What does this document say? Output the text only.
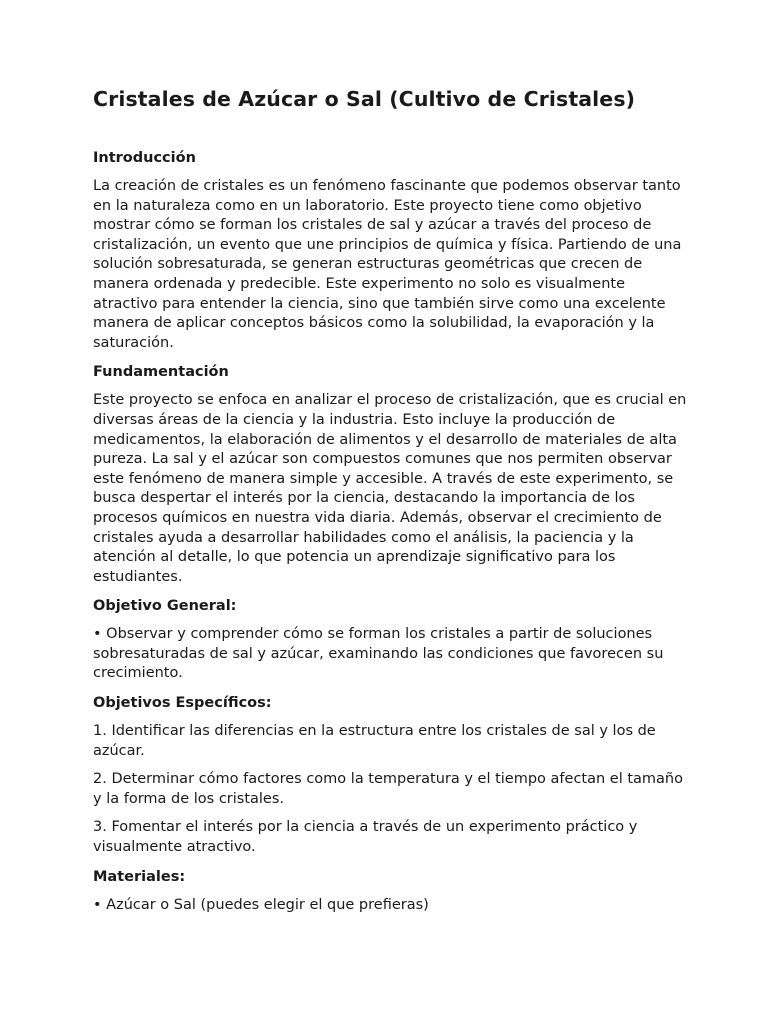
Cristales de Azúcar o Sal (Cultivo de Cristales)
Introducción

La creación de cristales es un fenómeno fascinante que podemos observar tanto en la naturaleza como en un laboratorio. Este proyecto tiene como objetivo mostrar cómo se forman los cristales de sal y azúcar a través del proceso de cristalización, un evento que une principios de química y física. Partiendo de una solución sobresaturada, se generan estructuras geométricas que crecen de manera ordenada y predecible. Este experimento no solo es visualmente atractivo para entender la ciencia, sino que también sirve como una excelente manera de aplicar conceptos básicos como la solubilidad, la evaporación y la saturación.

Fundamentación

Este proyecto se enfoca en analizar el proceso de cristalización, que es crucial en diversas áreas de la ciencia y la industria. Esto incluye la producción de medicamentos, la elaboración de alimentos y el desarrollo de materiales de alta pureza. La sal y el azúcar son compuestos comunes que nos permiten observar este fenómeno de manera simple y accesible. A través de este experimento, se busca despertar el interés por la ciencia, destacando la importancia de los procesos químicos en nuestra vida diaria. Además, observar el crecimiento de cristales ayuda a desarrollar habilidades como el análisis, la paciencia y la atención al detalle, lo que potencia un aprendizaje significativo para los estudiantes.

Objetivo General:

• Observar y comprender cómo se forman los cristales a partir de soluciones sobresaturadas de sal y azúcar, examinando las condiciones que favorecen su crecimiento.

Objetivos Específicos:

1. Identificar las diferencias en la estructura entre los cristales de sal y los de azúcar.

2. Determinar cómo factores como la temperatura y el tiempo afectan el tamaño y la forma de los cristales.

3. Fomentar el interés por la ciencia a través de un experimento práctico y visualmente atractivo.

Materiales:

• Azúcar o Sal (puedes elegir el que prefieras)
